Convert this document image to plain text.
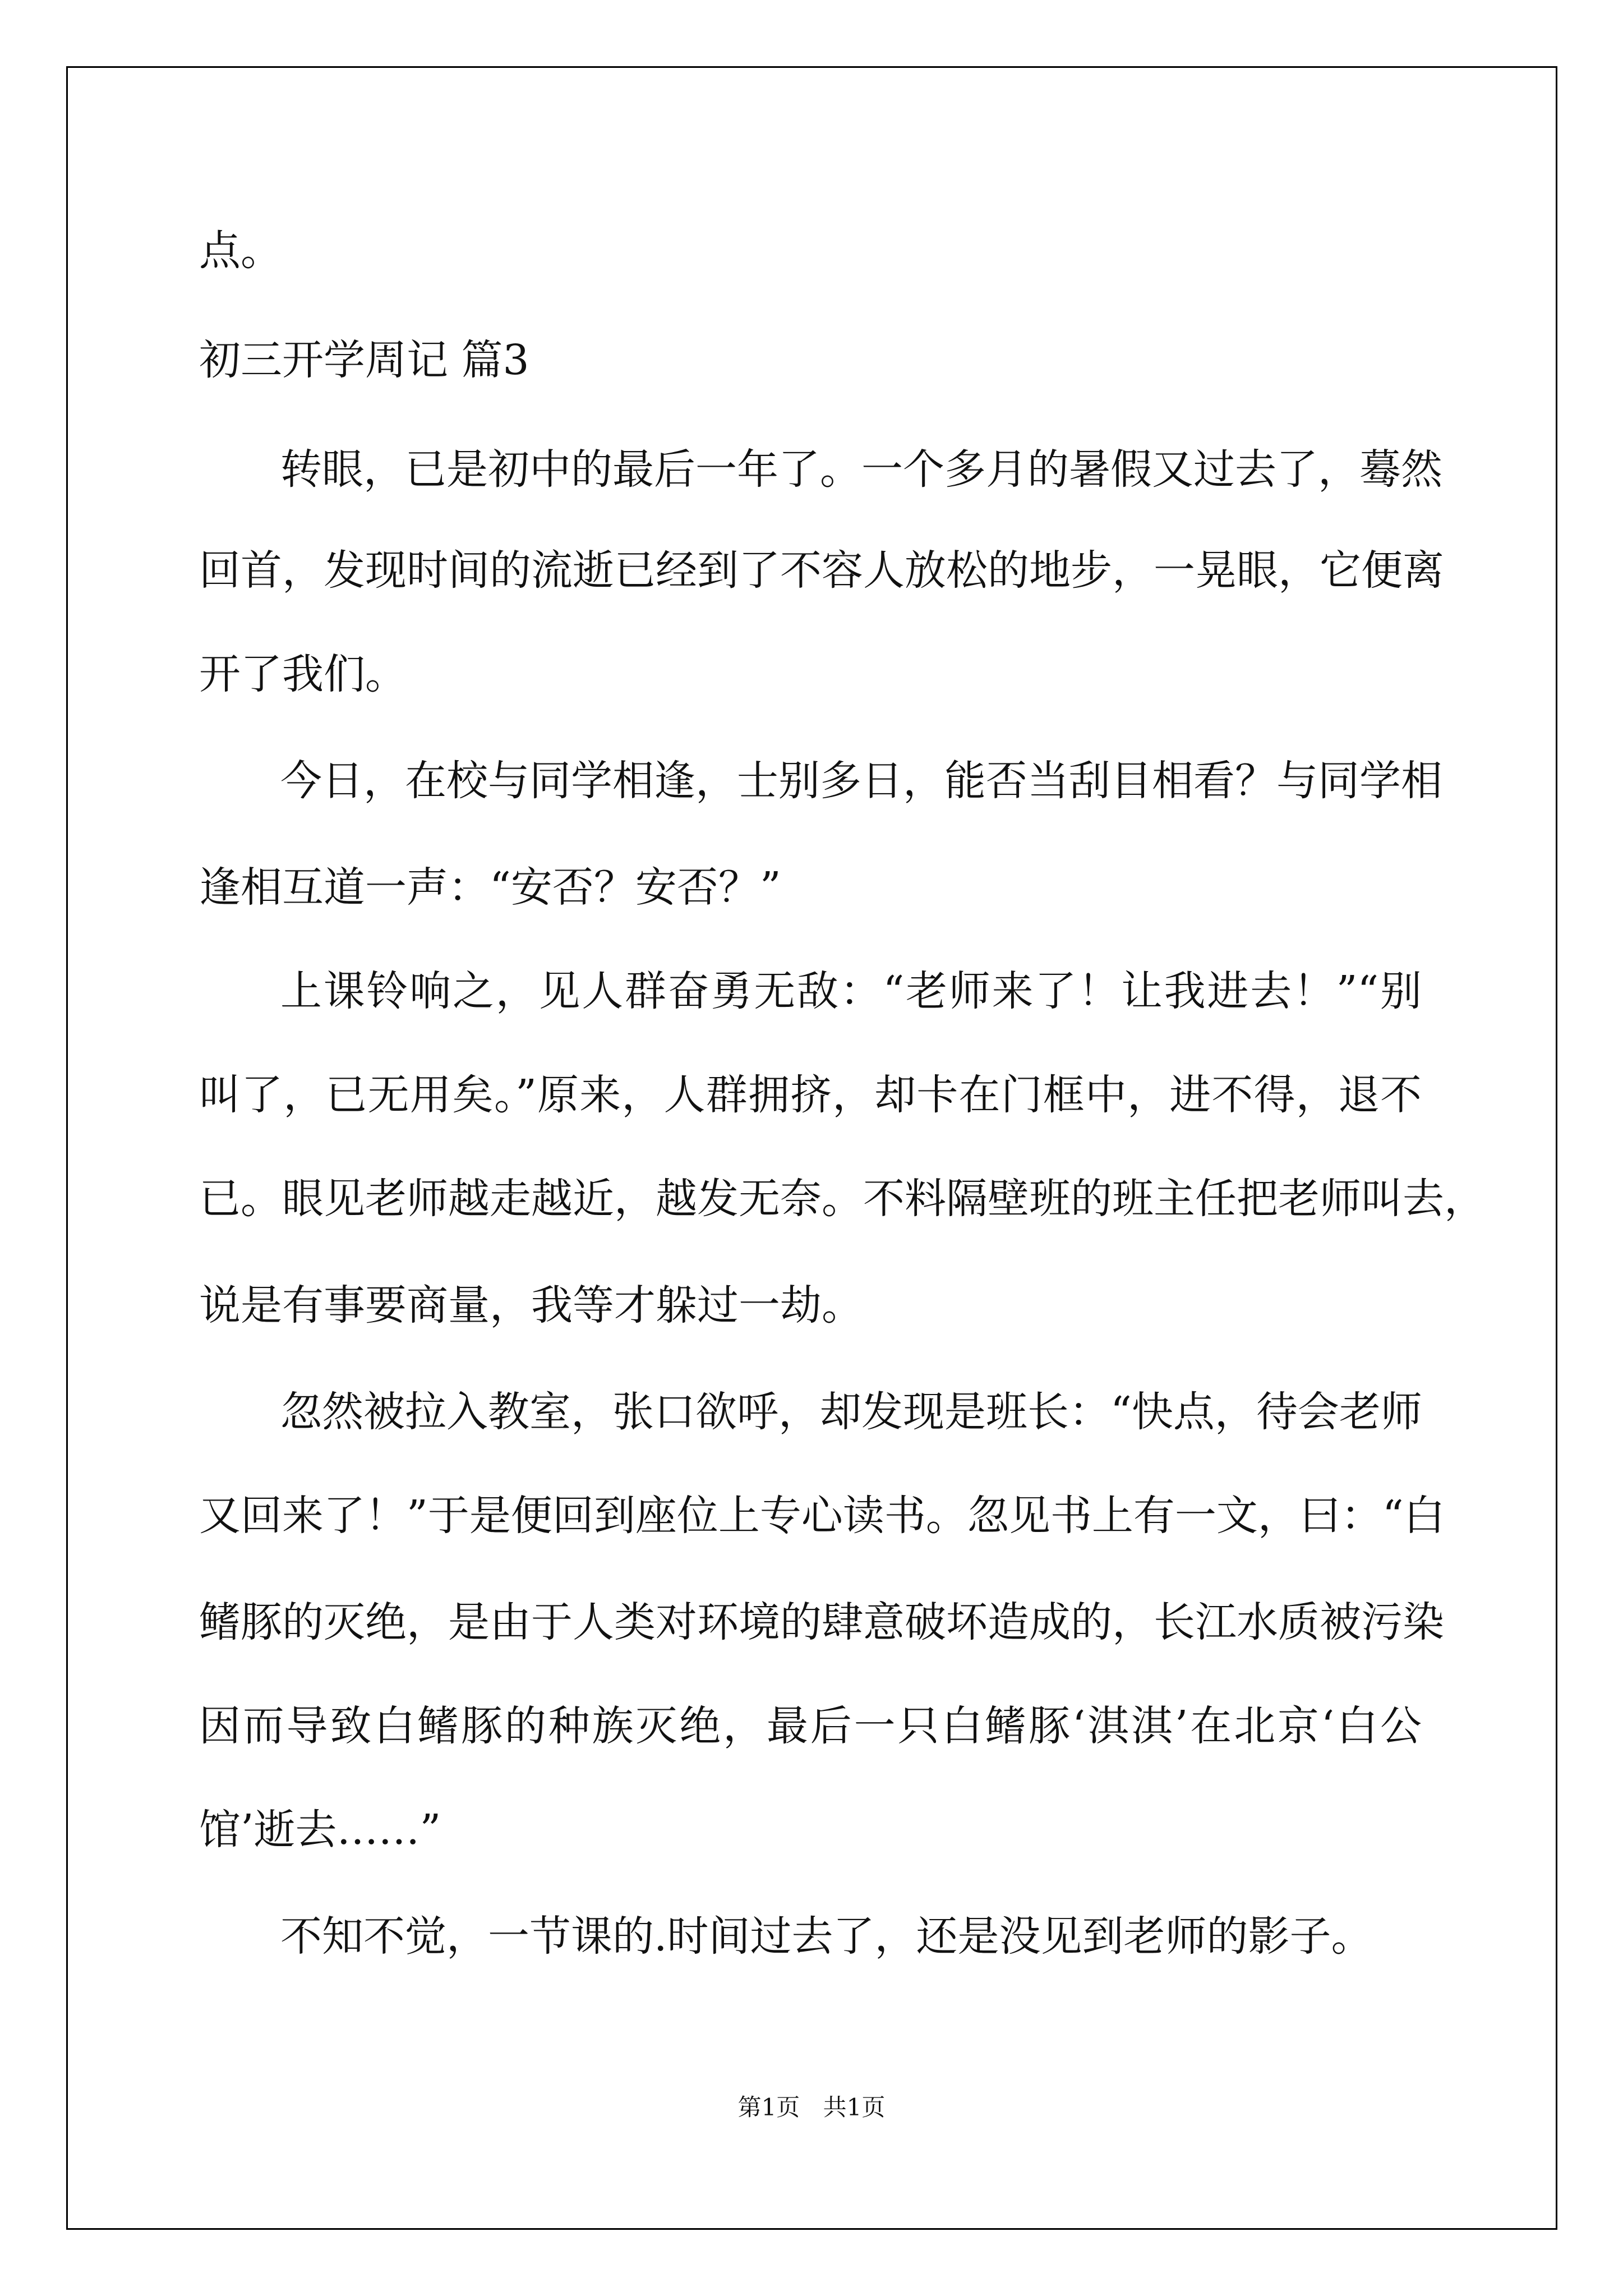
点。
初三开学周记 篇3
转眼，已是初中的最后一年了。一个多月的暑假又过去了，蓦然
回首，发现时间的流逝已经到了不容人放松的地步，一晃眼，它便离
开了我们。
今日，在校与同学相逢，士别多日，能否当刮目相看？与同学相
逢相互道一声：“安否？安否？”
上课铃响之，见人群奋勇无敌：“老师来了！让我进去！”“别
叫了，已无用矣。”原来，人群拥挤，却卡在门框中，进不得，退不
已。眼见老师越走越近，越发无奈。不料隔壁班的班主任把老师叫去，
说是有事要商量，我等才躲过一劫。
忽然被拉入教室，张口欲呼，却发现是班长：“快点，待会老师
又回来了！”于是便回到座位上专心读书。忽见书上有一文，曰：“白
鳍豚的灭绝，是由于人类对环境的肆意破坏造成的，长江水质被污染
因而导致白鳍豚的种族灭绝，最后一只白鳍豚‘淇淇’在北京‘白公
馆’逝去……”
不知不觉，一节课的.时间过去了，还是没见到老师的影子。
第1页 共1页
